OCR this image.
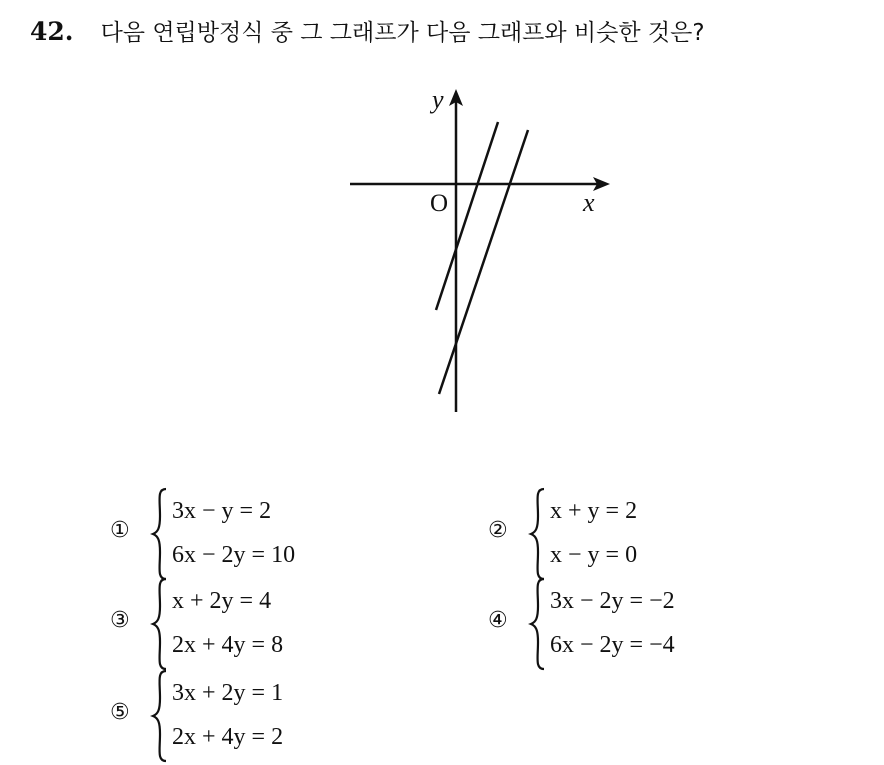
42. 다음 연립방정식 중 그 그래프가 다음 그래프와 비슷한 것은?
y
x
O
①
3x − y = 2
6x − 2y = 10
②
x + y = 2
x − y = 0
③
x + 2y = 4
2x + 4y = 8
④
3x − 2y = −2
6x − 2y = −4
⑤
3x + 2y = 1
2x + 4y = 2
